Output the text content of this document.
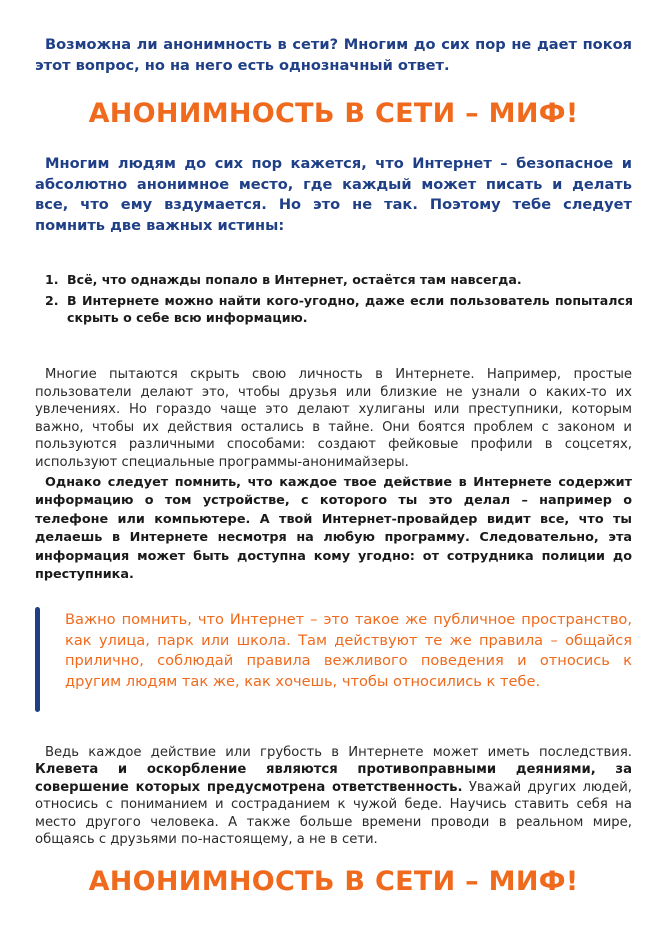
Возможна ли анонимность в сети? Многим до сих пор не дает покоя этот вопрос, но на него есть однозначный ответ.

АНОНИМНОСТЬ В СЕТИ – МИФ!

Многим людям до сих пор кажется, что Интернет – безопасное и абсолютно анонимное место, где каждый может писать и делать все, что ему вздумается. Но это не так. Поэтому тебе следует помнить две важных истины:

1. Всё, что однажды попало в Интернет, остаётся там навсегда.
2. В Интернете можно найти кого-угодно, даже если пользователь попытался скрыть о себе всю информацию.

Многие пытаются скрыть свою личность в Интернете. Например, простые пользователи делают это, чтобы друзья или близкие не узнали о каких-то их увлечениях. Но гораздо чаще это делают хулиганы или преступники, которым важно, чтобы их действия остались в тайне. Они боятся проблем с законом и пользуются различными способами: создают фейковые профили в соцсетях, используют специальные программы-анонимайзеры.

Однако следует помнить, что каждое твое действие в Интернете содержит информацию о том устройстве, с которого ты это делал – например о телефоне или компьютере. А твой Интернет-провайдер видит все, что ты делаешь в Интернете несмотря на любую программу. Следовательно, эта информация может быть доступна кому угодно: от сотрудника полиции до преступника.

Важно помнить, что Интернет – это такое же публичное пространство, как улица, парк или школа. Там действуют те же правила – общайся прилично, соблюдай правила вежливого поведения и относись к другим людям так же, как хочешь, чтобы относились к тебе.

Ведь каждое действие или грубость в Интернете может иметь последствия. Клевета и оскорбление являются противоправными деяниями, за совершение которых предусмотрена ответственность. Уважай других людей, относись с пониманием и состраданием к чужой беде. Научись ставить себя на место другого человека. А также больше времени проводи в реальном мире, общаясь с друзьями по-настоящему, а не в сети.

АНОНИМНОСТЬ В СЕТИ – МИФ!
